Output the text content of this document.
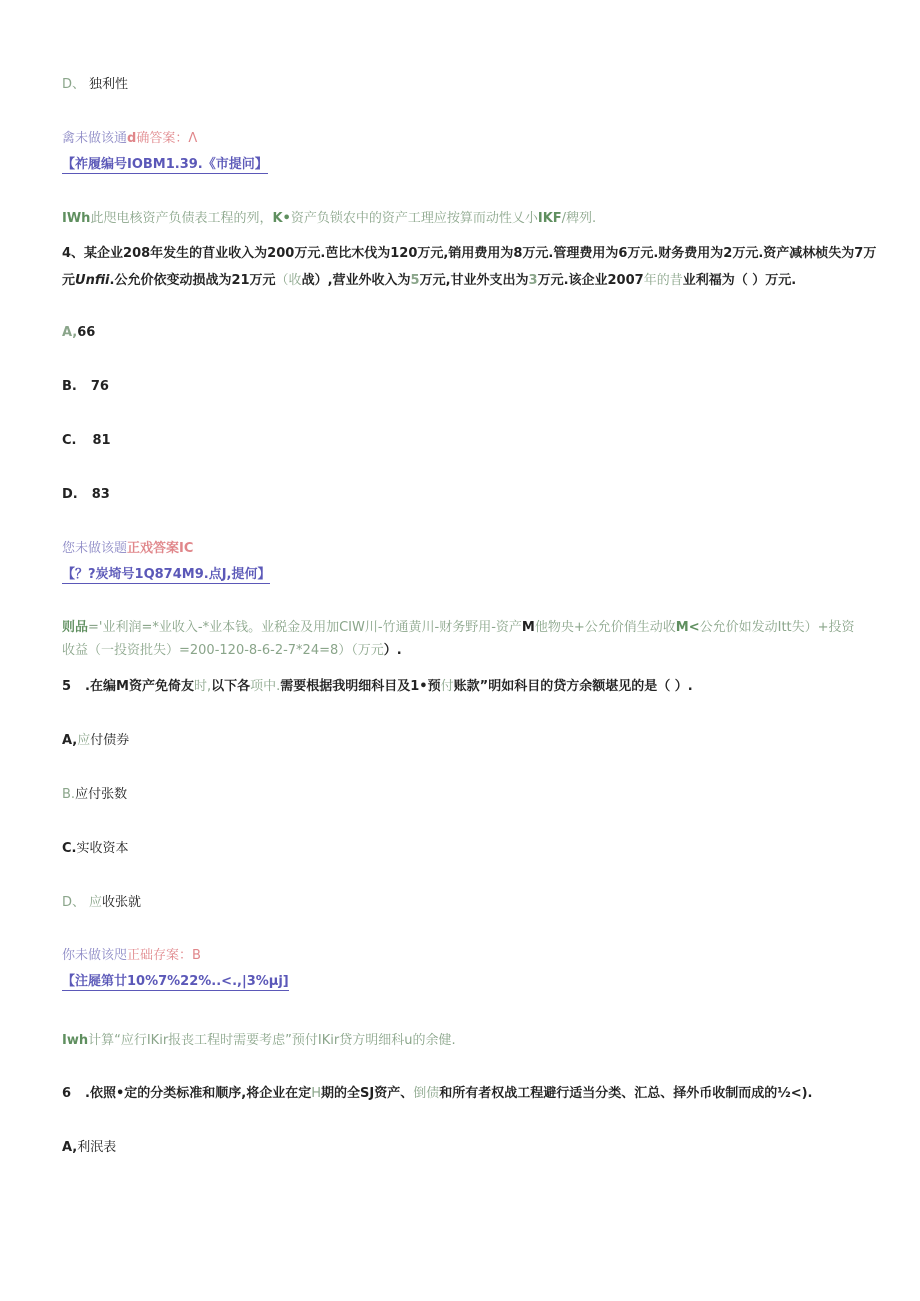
D、 独利性
禽未做该通d确答案：Λ
【祚履编号IOBM1.39.《市提问】
IWh此咫电核资产负债表工程的列，K•资产负锁农中的资产工理应按算而动性乂小IKF/稗列.
4、某企业208年发生的苜业收入为200万元.芭比木伐为120万元,销用费用为8万元.管理费用为6万元.财务费用为2万元.资产减林桢失为7万
元Unfii.公允价依变动损战为21万元（收战）,营业外收入为5万元,甘业外支出为3万元.该企业2007年的昔业利福为（ ）万元.
A,66
B. 76
C. 81
D. 83
您未做该题正戏答案IC
【？?炭埼号1Q874M9.点J,提何】
则品='业利润=*业收入-*业本钱。业税金及用加CIW川-竹通黄川-财务野用-资产M他物央+公允价俏生动收M<公允价如发动Itt失）+投资
收益（一投资批失）=200-120-8-6-2-7*24=8）（万元）.
5 .在编M资产免倚友时,以下各项中.需要根据我明细科目及1•预付账款”明如科目的贷方余额堪见的是（ ）.
A,应付债券
B.应付张数
C.实收资本
D、 应收张就
你未做该咫正础存案：B
【注屣第廿10%7%22%..<.,|3%μj]
Iwh计算“应行IKir报丧工程时需要考虑”预付IKir贷方明细科u的余健.
6 .依照•定的分类标准和顺序,将企业在定H期的全SJ资产、倒债和所有者权战工程避行适当分类、汇总、择外币收制而成的½<).
A,利泯表
